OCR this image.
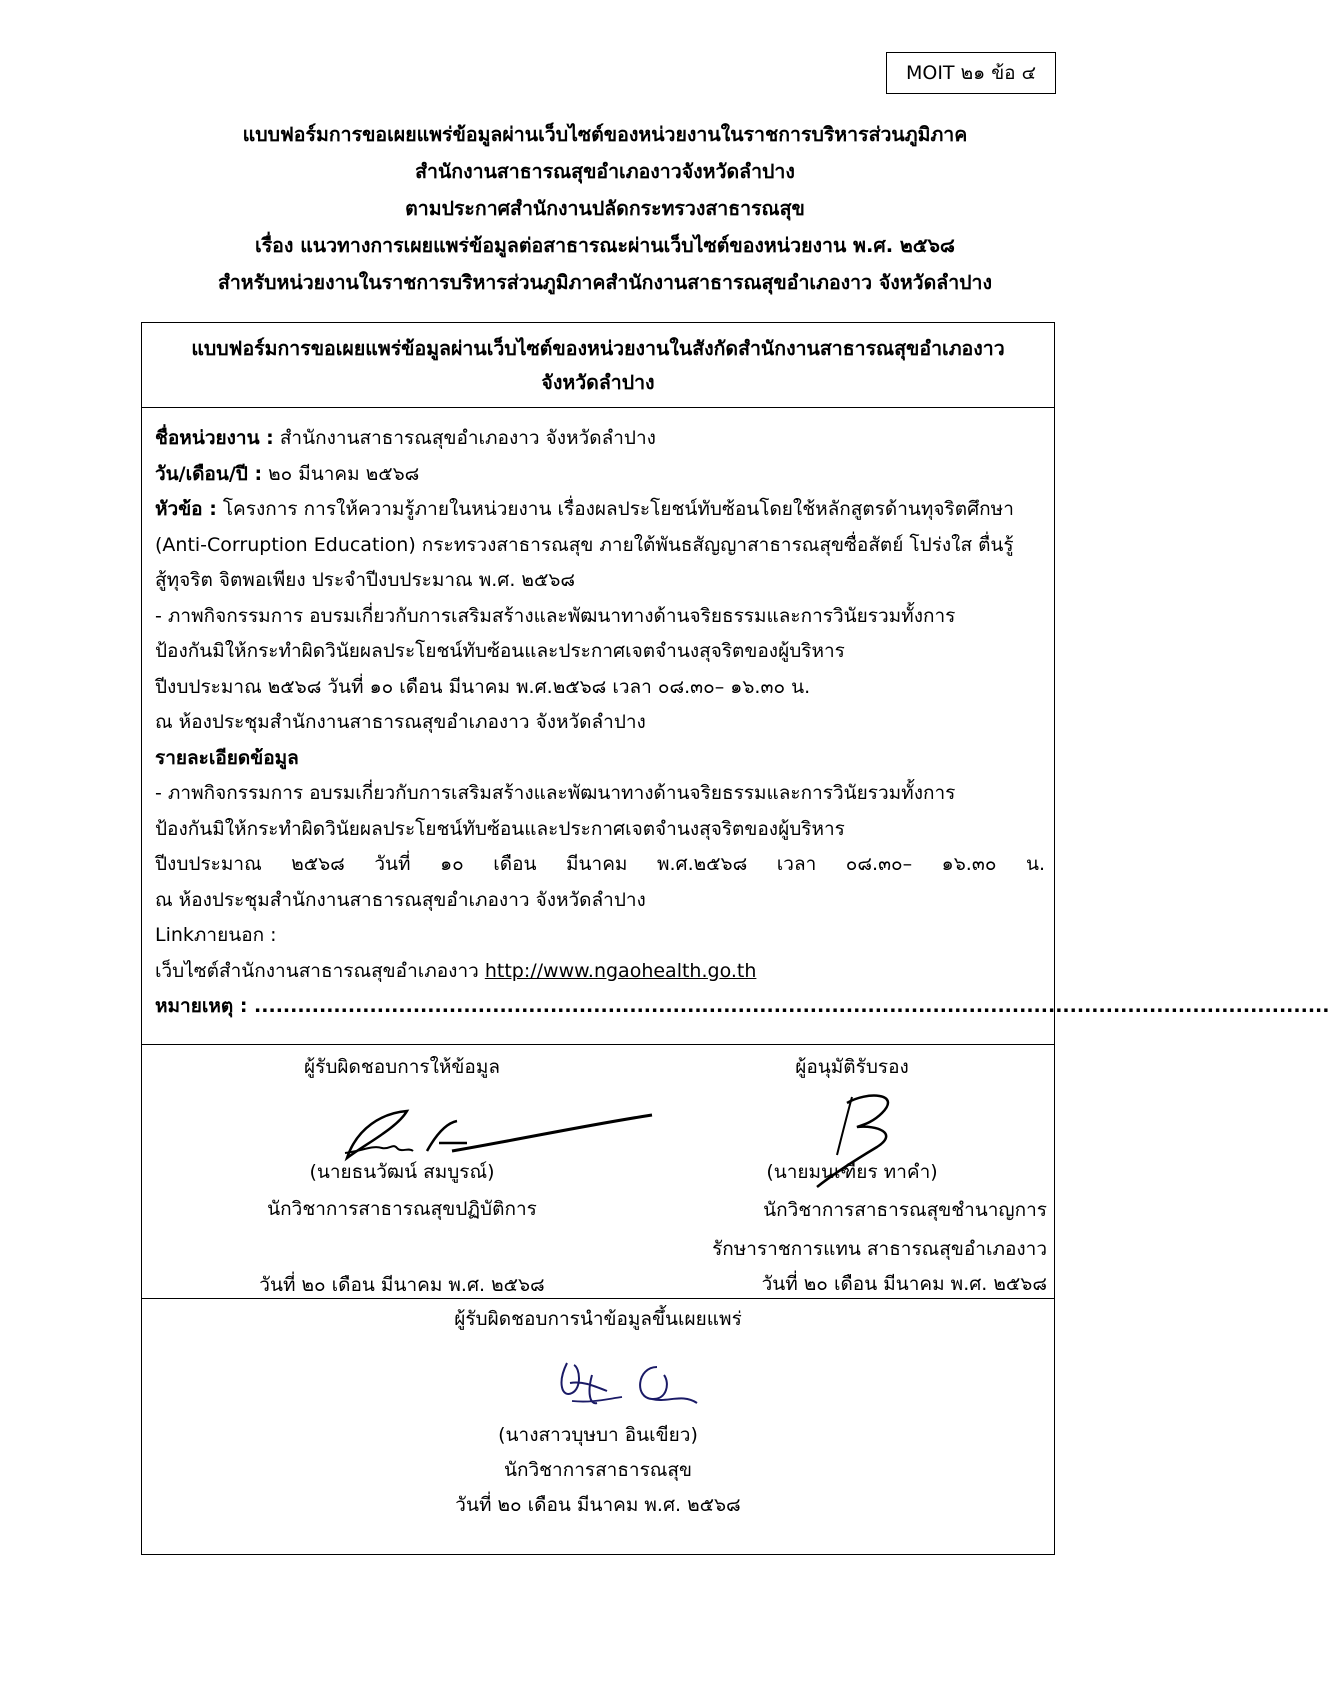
MOIT ๒๑ ข้อ ๔
แบบฟอร์มการขอเผยแพร่ข้อมูลผ่านเว็บไซต์ของหน่วยงานในราชการบริหารส่วนภูมิภาค
สำนักงานสาธารณสุขอำเภองาวจังหวัดลำปาง
ตามประกาศสำนักงานปลัดกระทรวงสาธารณสุข
เรื่อง แนวทางการเผยแพร่ข้อมูลต่อสาธารณะผ่านเว็บไซต์ของหน่วยงาน พ.ศ. ๒๕๖๘
สำหรับหน่วยงานในราชการบริหารส่วนภูมิภาคสำนักงานสาธารณสุขอำเภองาว จังหวัดลำปาง
แบบฟอร์มการขอเผยแพร่ข้อมูลผ่านเว็บไซต์ของหน่วยงานในสังกัดสำนักงานสาธารณสุขอำเภองาว
จังหวัดลำปาง
ชื่อหน่วยงาน : สำนักงานสาธารณสุขอำเภองาว จังหวัดลำปาง
วัน/เดือน/ปี : ๒๐ มีนาคม ๒๕๖๘
หัวข้อ : โครงการ การให้ความรู้ภายในหน่วยงาน เรื่องผลประโยชน์ทับซ้อนโดยใช้หลักสูตรด้านทุจริตศึกษา
(Anti-Corruption Education) กระทรวงสาธารณสุข ภายใต้พันธสัญญาสาธารณสุขซื่อสัตย์ โปร่งใส ตื่นรู้
สู้ทุจริต จิตพอเพียง ประจำปีงบประมาณ พ.ศ. ๒๕๖๘
- ภาพกิจกรรมการ อบรมเกี่ยวกับการเสริมสร้างและพัฒนาทางด้านจริยธรรมและการวินัยรวมทั้งการ
ป้องกันมิให้กระทำผิดวินัยผลประโยชน์ทับซ้อนและประกาศเจตจำนงสุจริตของผู้บริหาร
ปีงบประมาณ ๒๕๖๘ วันที่ ๑๐ เดือน มีนาคม พ.ศ.๒๕๖๘ เวลา ๐๘.๓๐– ๑๖.๓๐ น.
ณ ห้องประชุมสำนักงานสาธารณสุขอำเภองาว จังหวัดลำปาง
รายละเอียดข้อมูล
- ภาพกิจกรรมการ อบรมเกี่ยวกับการเสริมสร้างและพัฒนาทางด้านจริยธรรมและการวินัยรวมทั้งการ
ป้องกันมิให้กระทำผิดวินัยผลประโยชน์ทับซ้อนและประกาศเจตจำนงสุจริตของผู้บริหาร
ปีงบประมาณ ๒๕๖๘ วันที่ ๑๐ เดือน มีนาคม พ.ศ.๒๕๖๘ เวลา ๐๘.๓๐– ๑๖.๓๐ น.
ณ ห้องประชุมสำนักงานสาธารณสุขอำเภองาว จังหวัดลำปาง
Linkภายนอก :
เว็บไซต์สำนักงานสาธารณสุขอำเภองาว http://www.ngaohealth.go.th
หมายเหตุ : .....................................................................................................................................................
ผู้รับผิดชอบการให้ข้อมูล
(นายธนวัฒน์ สมบูรณ์)
นักวิชาการสาธารณสุขปฏิบัติการ
วันที่ ๒๐ เดือน มีนาคม พ.ศ. ๒๕๖๘
ผู้อนุมัติรับรอง
(นายมนเฑียร ทาคำ)
นักวิชาการสาธารณสุขชำนาญการ
รักษาราชการแทน สาธารณสุขอำเภองาว
วันที่ ๒๐ เดือน มีนาคม พ.ศ. ๒๕๖๘
ผู้รับผิดชอบการนำข้อมูลขึ้นเผยแพร่
(นางสาวบุษบา อินเขียว)
นักวิชาการสาธารณสุข
วันที่ ๒๐ เดือน มีนาคม พ.ศ. ๒๕๖๘
